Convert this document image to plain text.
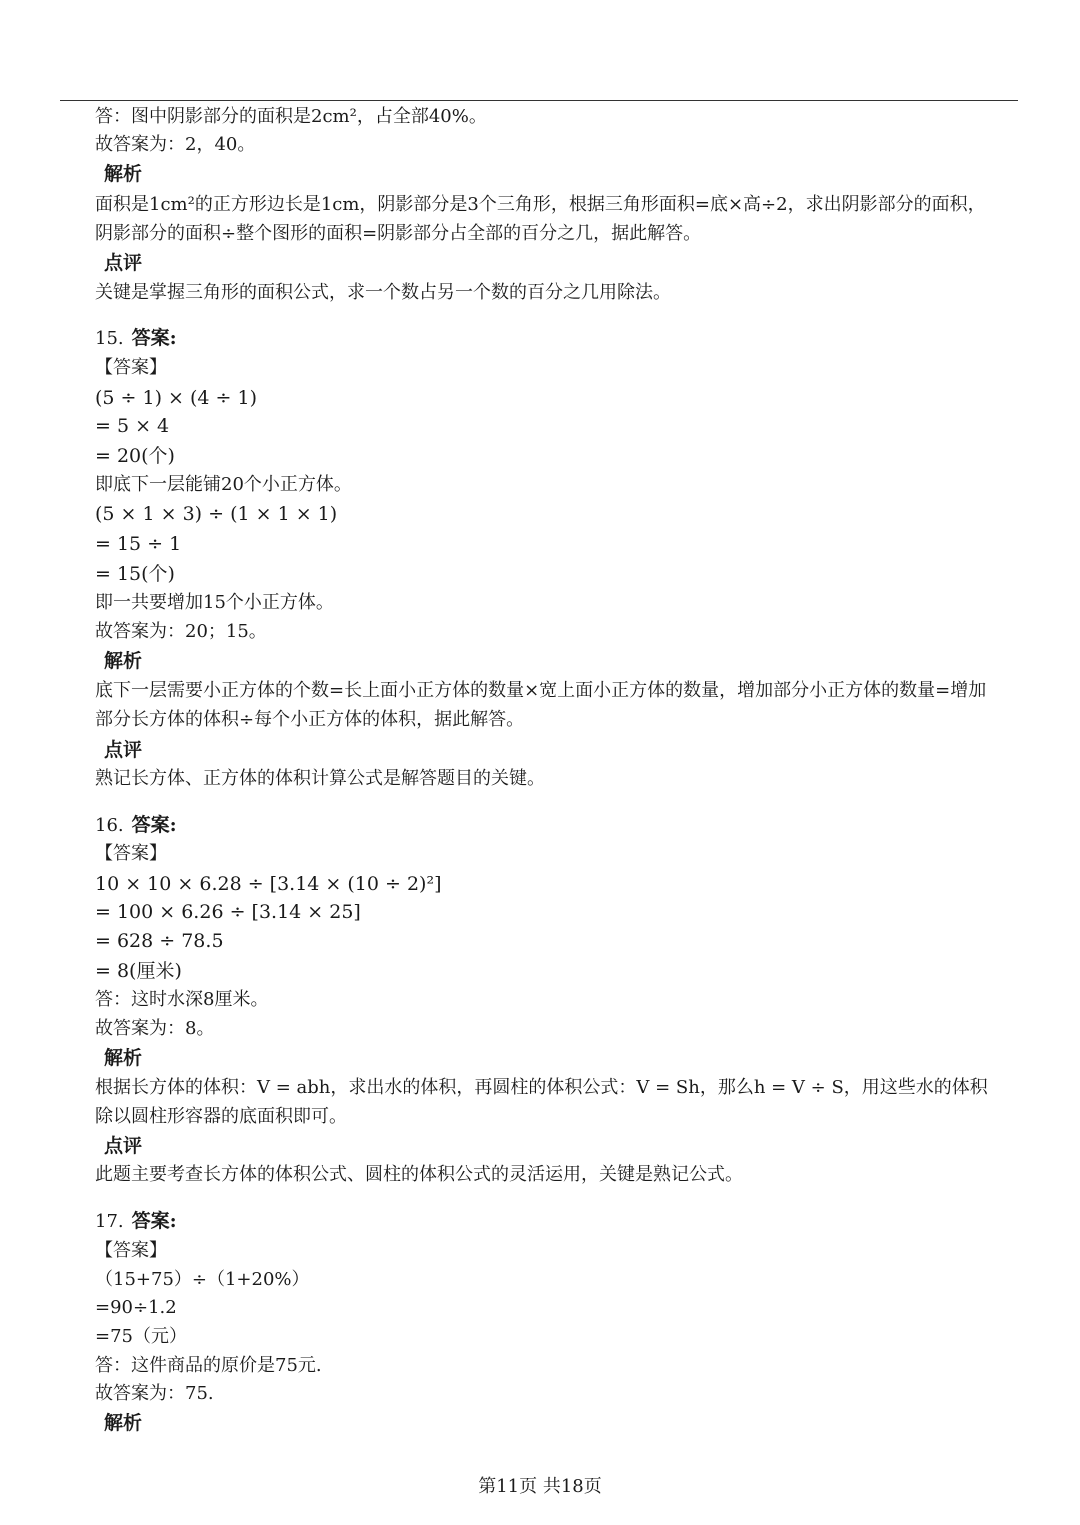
答：图中阴影部分的面积是2cm²，占全部40%。
故答案为：2，40。
解析
面积是1cm²的正方形边长是1cm，阴影部分是3个三角形，根据三角形面积=底×高÷2，求出阴影部分的面积，
阴影部分的面积÷整个图形的面积=阴影部分占全部的百分之几，据此解答。
点评
关键是掌握三角形的面积公式，求一个数占另一个数的百分之几用除法。
15. 答案:
【答案】
(5 ÷ 1) × (4 ÷ 1)
= 5 × 4
= 20(个)
即底下一层能铺20个小正方体。
(5 × 1 × 3) ÷ (1 × 1 × 1)
= 15 ÷ 1
= 15(个)
即一共要增加15个小正方体。
故答案为：20；15。
解析
底下一层需要小正方体的个数=长上面小正方体的数量×宽上面小正方体的数量，增加部分小正方体的数量=增加
部分长方体的体积÷每个小正方体的体积，据此解答。
点评
熟记长方体、正方体的体积计算公式是解答题目的关键。
16. 答案:
【答案】
10 × 10 × 6.28 ÷ [3.14 × (10 ÷ 2)²]
= 100 × 6.26 ÷ [3.14 × 25]
= 628 ÷ 78.5
= 8(厘米)
答：这时水深8厘米。
故答案为：8。
解析
根据长方体的体积：V = abh，求出水的体积，再圆柱的体积公式：V = Sh，那么h = V ÷ S，用这些水的体积
除以圆柱形容器的底面积即可。
点评
此题主要考查长方体的体积公式、圆柱的体积公式的灵活运用，关键是熟记公式。
17. 答案:
【答案】
（15+75）÷（1+20%）
=90÷1.2
=75（元）
答：这件商品的原价是75元.
故答案为：75.
解析
第11页 共18页
